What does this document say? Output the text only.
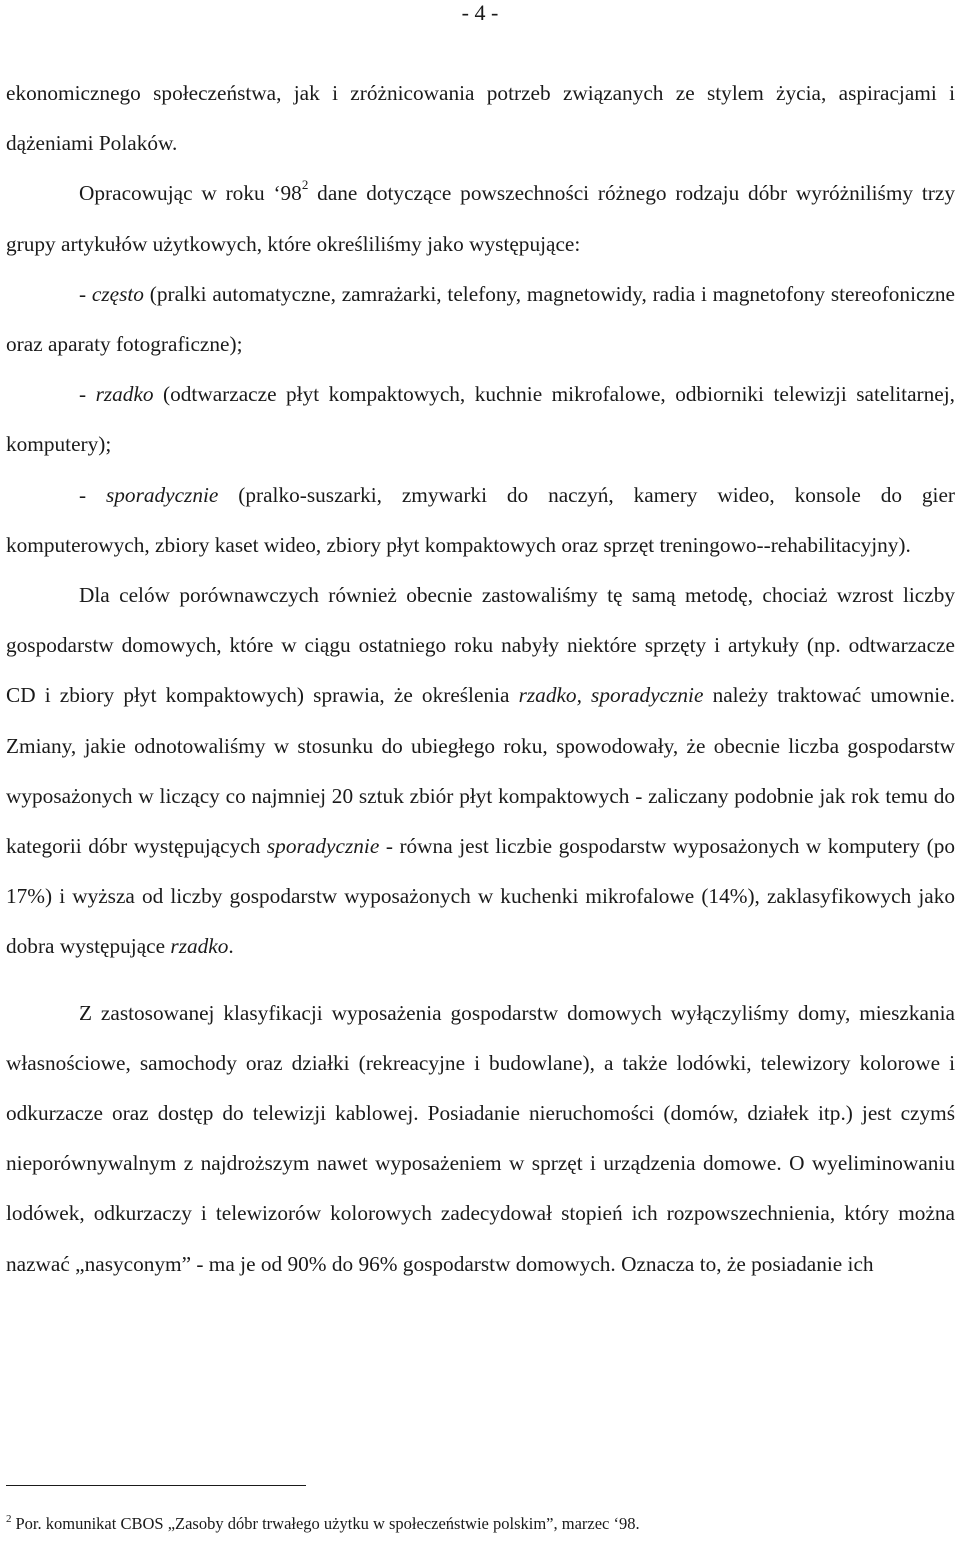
- 4 -

ekonomicznego społeczeństwa, jak i zróżnicowania potrzeb związanych ze stylem życia, aspiracjami i dążeniami Polaków.

Opracowując w roku ‘$98^2$ dane dotyczące powszechności różnego rodzaju dóbr wyróżniliśmy trzy grupy artykułów użytkowych, które określiliśmy jako występujące:

- często (pralki automatyczne, zamrażarki, telefony, magnetowidy, radia i magnetofony stereofoniczne oraz aparaty fotograficzne);

- rzadko (odtwarzacze płyt kompaktowych, kuchnie mikrofalowe, odbiorniki telewizji satelitarnej, komputery);

- sporadycznie (pralko-suszarki, zmywarki do naczyń, kamery wideo, konsole do gier komputerowych, zbiory kaset wideo, zbiory płyt kompaktowych oraz sprzęt treningowo--rehabilitacyjny).

Dla celów porównawczych również obecnie zastowaliśmy tę samą metodę, chociaż wzrost liczby gospodarstw domowych, które w ciągu ostatniego roku nabyły niektóre sprzęty i artykuły (np. odtwarzacze CD i zbiory płyt kompaktowych) sprawia, że określenia rzadko, sporadycznie należy traktować umownie. Zmiany, jakie odnotowaliśmy w stosunku do ubiegłego roku, spowodowały, że obecnie liczba gospodarstw wyposażonych w liczący co najmniej 20 sztuk zbiór płyt kompaktowych - zaliczany podobnie jak rok temu do kategorii dóbr występujących sporadycznie - równa jest liczbie gospodarstw wyposażonych w komputery (po 17%) i wyższa od liczby gospodarstw wyposażonych w kuchenki mikrofalowe (14%), zaklasyfikowych jako dobra występujące rzadko.

Z zastosowanej klasyfikacji wyposażenia gospodarstw domowych wyłączyliśmy domy, mieszkania własnościowe, samochody oraz działki (rekreacyjne i budowlane), a także lodówki, telewizory kolorowe i odkurzacze oraz dostęp do telewizji kablowej. Posiadanie nieruchomości (domów, działek itp.) jest czymś nieporównywalnym z najdroższym nawet wyposażeniem w sprzęt i urządzenia domowe. O wyeliminowaniu lodówek, odkurzaczy i telewizorów kolorowych zadecydował stopień ich rozpowszechnienia, który można nazwać „nasyconym” - ma je od 90% do 96% gospodarstw domowych. Oznacza to, że posiadanie ich

$^2$ Por. komunikat CBOS „Zasoby dóbr trwałego użytku w społeczeństwie polskim”, marzec ‘98.
